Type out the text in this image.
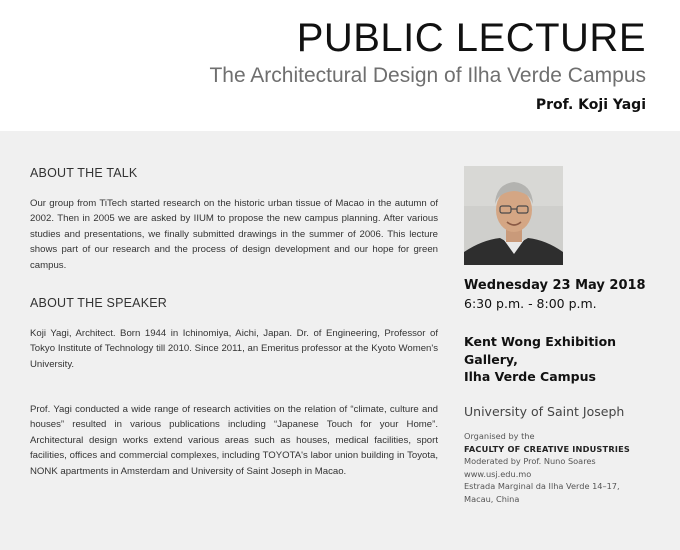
PUBLIC LECTURE
The Architectural Design of Ilha Verde Campus
Prof. Koji Yagi
ABOUT THE TALK

Our group from TiTech started research on the historic urban tissue of Macao in the autumn of 2002. Then in 2005 we are asked by IIUM to propose the new campus planning. After various studies and presentations, we finally submitted drawings in the summer of 2006. This lecture shows part of our research and the process of design development and our hope for green campus.

ABOUT THE SPEAKER

Koji Yagi, Architect. Born 1944 in Ichinomiya, Aichi, Japan. Dr. of Engineering, Professor of Tokyo Institute of Technology till 2010. Since 2011, an Emeritus professor at the Kyoto Women's University.

Prof. Yagi conducted a wide range of research activities on the relation of “climate, culture and houses” resulted in various publications including “Japanese Touch for your Home”. Architectural design works extend various areas such as houses, medical facilities, sport facilities, offices and commercial complexes, including TOYOTA's labor union building in Toyota, NONK apartments in Amsterdam and University of Saint Joseph in Macao.

Wednesday 23 May 2018
6:30 p.m. - 8:00 p.m.
Kent Wong Exhibition
Gallery,
Ilha Verde Campus
University of Saint Joseph
Organised by the
FACULTY OF CREATIVE INDUSTRIES
Moderated by Prof. Nuno Soares
www.usj.edu.mo
Estrada Marginal da Ilha Verde 14–17,
Macau, China
